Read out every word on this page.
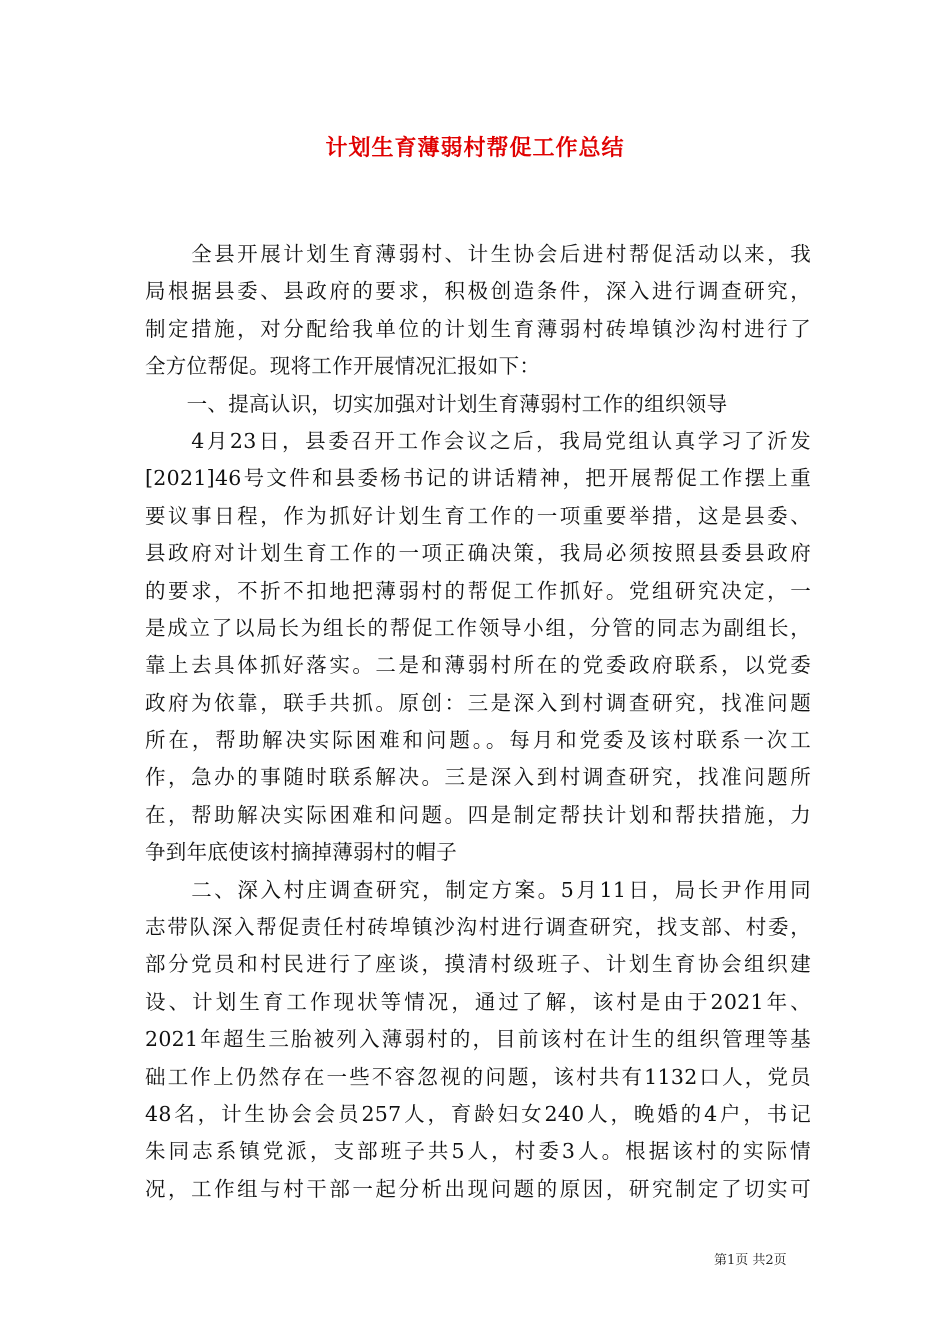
计划生育薄弱村帮促工作总结
　　全县开展计划生育薄弱村、计生协会后进村帮促活动以来，我
局根据县委、县政府的要求，积极创造条件，深入进行调查研究，
制定措施，对分配给我单位的计划生育薄弱村砖埠镇沙沟村进行了
全方位帮促。现将工作开展情况汇报如下：
　　一、提高认识，切实加强对计划生育薄弱村工作的组织领导
　　4月23日，县委召开工作会议之后，我局党组认真学习了沂发
[2021]46号文件和县委杨书记的讲话精神，把开展帮促工作摆上重
要议事日程，作为抓好计划生育工作的一项重要举措，这是县委、
县政府对计划生育工作的一项正确决策，我局必须按照县委县政府
的要求，不折不扣地把薄弱村的帮促工作抓好。党组研究决定，一
是成立了以局长为组长的帮促工作领导小组，分管的同志为副组长，
靠上去具体抓好落实。二是和薄弱村所在的党委政府联系，以党委
政府为依靠，联手共抓。原创：三是深入到村调查研究，找准问题
所在，帮助解决实际困难和问题。。每月和党委及该村联系一次工
作，急办的事随时联系解决。三是深入到村调查研究，找准问题所
在，帮助解决实际困难和问题。四是制定帮扶计划和帮扶措施，力
争到年底使该村摘掉薄弱村的帽子
　　二、深入村庄调查研究，制定方案。5月11日，局长尹作用同
志带队深入帮促责任村砖埠镇沙沟村进行调查研究，找支部、村委，
部分党员和村民进行了座谈，摸清村级班子、计划生育协会组织建
设、计划生育工作现状等情况，通过了解，该村是由于2021年、
2021年超生三胎被列入薄弱村的，目前该村在计生的组织管理等基
础工作上仍然存在一些不容忽视的问题，该村共有1132口人，党员
48名，计生协会会员257人，育龄妇女240人，晚婚的4户，书记
朱同志系镇党派，支部班子共5人，村委3人。根据该村的实际情
况，工作组与村干部一起分析出现问题的原因，研究制定了切实可
第1页 共2页
